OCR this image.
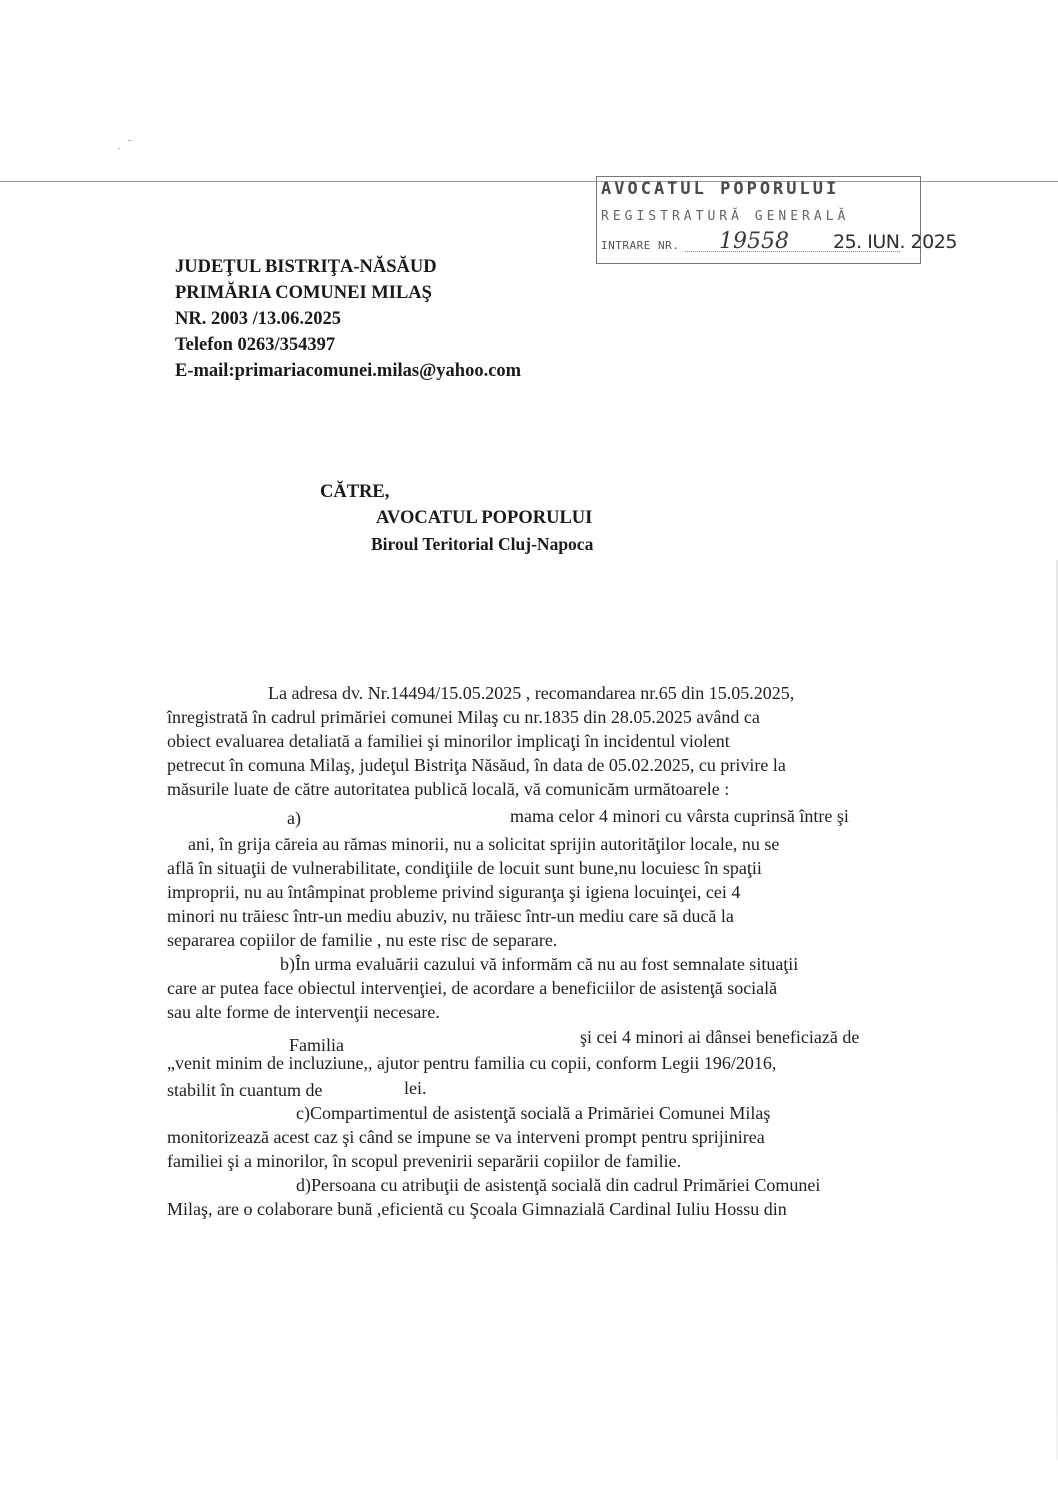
AVOCATUL POPORULUI
REGISTRATURĂ GENERALĂ
INTRARE NR. 19558 25. IUN. 2025
JUDEŢUL BISTRIŢA-NĂSĂUD
PRIMĂRIA COMUNEI MILAŞ
NR. 2003 /13.06.2025
Telefon 0263/354397
E-mail:primariacomunei.milas@yahoo.com
CĂTRE,
AVOCATUL POPORULUI
Biroul Teritorial Cluj-Napoca
La adresa dv. Nr.14494/15.05.2025 , recomandarea nr.65 din 15.05.2025,
înregistrată în cadrul primăriei comunei Milaş cu nr.1835 din 28.05.2025 având ca
obiect evaluarea detaliată a familiei şi minorilor implicaţi în incidentul violent
petrecut în comuna Milaş, judeţul Bistriţa Năsăud, în data de 05.02.2025, cu privire la
măsurile luate de către autoritatea publică locală, vă comunicăm următoarele :
a)	mama celor 4 minori cu vârsta cuprinsă între şi
ani, în grija căreia au rămas minorii, nu a solicitat sprijin autorităţilor locale, nu se
află în situaţii de vulnerabilitate, condiţiile de locuit sunt bune,nu locuiesc în spaţii
improprii, nu au întâmpinat probleme privind siguranţa şi igiena locuinţei, cei 4
minori nu trăiesc într-un mediu abuziv, nu trăiesc într-un mediu care să ducă la
separarea copiilor de familie , nu este risc de separare.
b)În urma evaluării cazului vă informăm că nu au fost semnalate situaţii
care ar putea face obiectul intervenţiei, de acordare a beneficiilor de asistenţă socială
sau alte forme de intervenţii necesare.
Familia	şi cei 4 minori ai dânsei beneficiază de
„venit minim de incluziune,, ajutor pentru familia cu copii, conform Legii 196/2016,
stabilit în cuantum de	lei.
c)Compartimentul de asistenţă socială a Primăriei Comunei Milaş
monitorizează acest caz şi când se impune se va interveni prompt pentru sprijinirea
familiei şi a minorilor, în scopul prevenirii separării copiilor de familie.
d)Persoana cu atribuţii de asistenţă socială din cadrul Primăriei Comunei
Milaş, are o colaborare bună ,eficientă cu Şcoala Gimnazială Cardinal Iuliu Hossu din
